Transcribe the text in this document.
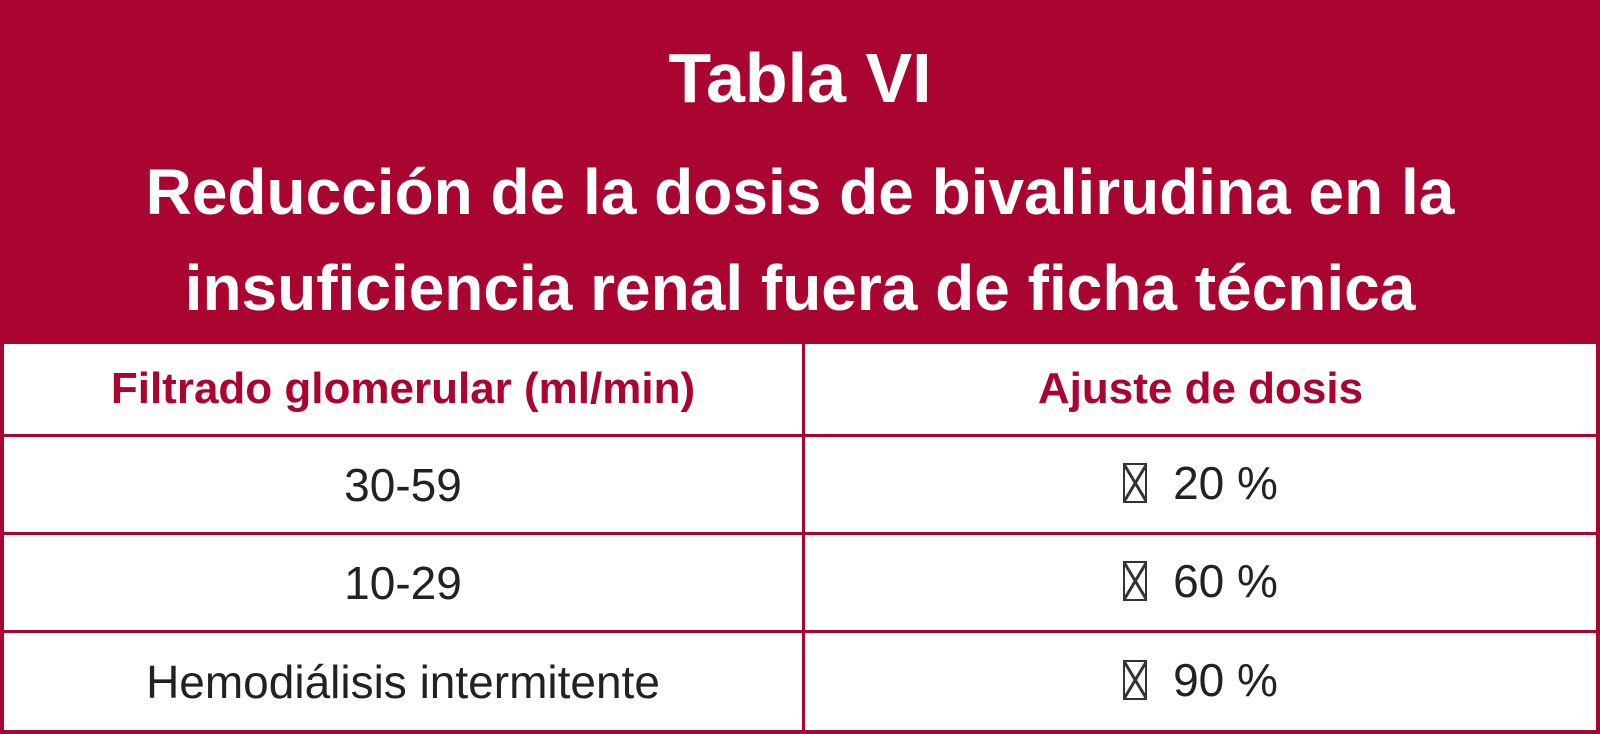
Tabla VI
Reducción de la dosis de bivalirudina en la insuficiencia renal fuera de ficha técnica
Filtrado glomerular (ml/min)	Ajuste de dosis
30-59	20 %

10-29	60 %

Hemodiálisis intermitente	90 %
